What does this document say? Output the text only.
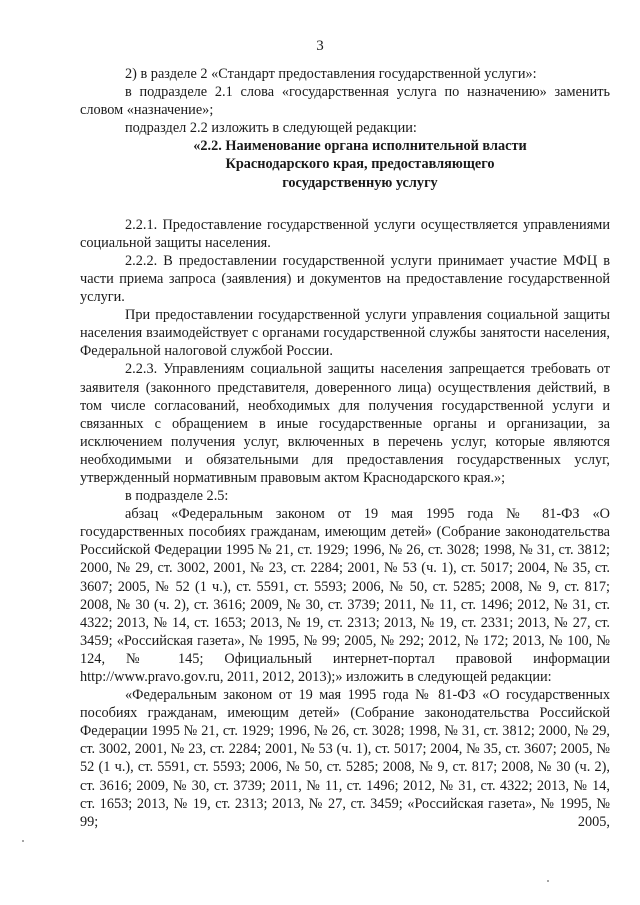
3

2) в разделе 2 «Стандарт предоставления государственной услуги»:

в подразделе 2.1 слова «государственная услуга по назначению» заменить словом «назначение»;

подраздел 2.2 изложить в следующей редакции:

«2.2. Наименование органа исполнительной власти
Краснодарского края, предоставляющего
государственную услугу

2.2.1. Предоставление государственной услуги осуществляется управлениями социальной защиты населения.

2.2.2. В предоставлении государственной услуги принимает участие МФЦ в части приема запроса (заявления) и документов на предоставление государственной услуги.

При предоставлении государственной услуги управления социальной защиты населения взаимодействует с органами государственной службы занятости населения, Федеральной налоговой службой России.

2.2.3. Управлениям социальной защиты населения запрещается требовать от заявителя (законного представителя, доверенного лица) осуществления действий, в том числе согласований, необходимых для получения государственной услуги и связанных с обращением в иные государственные органы и организации, за исключением получения услуг, включенных в перечень услуг, которые являются необходимыми и обязательными для предоставления государственных услуг, утвержденный нормативным правовым актом Краснодарского края.»;

в подразделе 2.5:

абзац «Федеральным законом от 19 мая 1995 года № 81-ФЗ «О государственных пособиях гражданам, имеющим детей» (Собрание законодательства Российской Федерации 1995 № 21, ст. 1929; 1996, № 26, ст. 3028; 1998, № 31, ст. 3812; 2000, № 29, ст. 3002, 2001, № 23, ст. 2284; 2001, № 53 (ч. 1), ст. 5017; 2004, № 35, ст. 3607; 2005, № 52 (1 ч.), ст. 5591, ст. 5593; 2006, № 50, ст. 5285; 2008, № 9, ст. 817; 2008, № 30 (ч. 2), ст. 3616; 2009, № 30, ст. 3739; 2011, № 11, ст. 1496; 2012, № 31, ст. 4322; 2013, № 14, ст. 1653; 2013, № 19, ст. 2313; 2013, № 19, ст. 2331; 2013, № 27, ст. 3459; «Российская газета», № 1995, № 99; 2005, № 292; 2012, № 172; 2013, № 100, № 124, № 145; Официальный интернет-портал правовой информации http://www.pravo.gov.ru, 2011, 2012, 2013);» изложить в следующей редакции:

«Федеральным законом от 19 мая 1995 года № 81-ФЗ «О государственных пособиях гражданам, имеющим детей» (Собрание законодательства Российской Федерации 1995 № 21, ст. 1929; 1996, № 26, ст. 3028; 1998, № 31, ст. 3812; 2000, № 29, ст. 3002, 2001, № 23, ст. 2284; 2001, № 53 (ч. 1), ст. 5017; 2004, № 35, ст. 3607; 2005, № 52 (1 ч.), ст. 5591, ст. 5593; 2006, № 50, ст. 5285; 2008, № 9, ст. 817; 2008, № 30 (ч. 2), ст. 3616; 2009, № 30, ст. 3739; 2011, № 11, ст. 1496; 2012, № 31, ст. 4322; 2013, № 14, ст. 1653; 2013, № 19, ст. 2313; 2013, № 27, ст. 3459; «Российская газета», № 1995, № 99; 2005,
